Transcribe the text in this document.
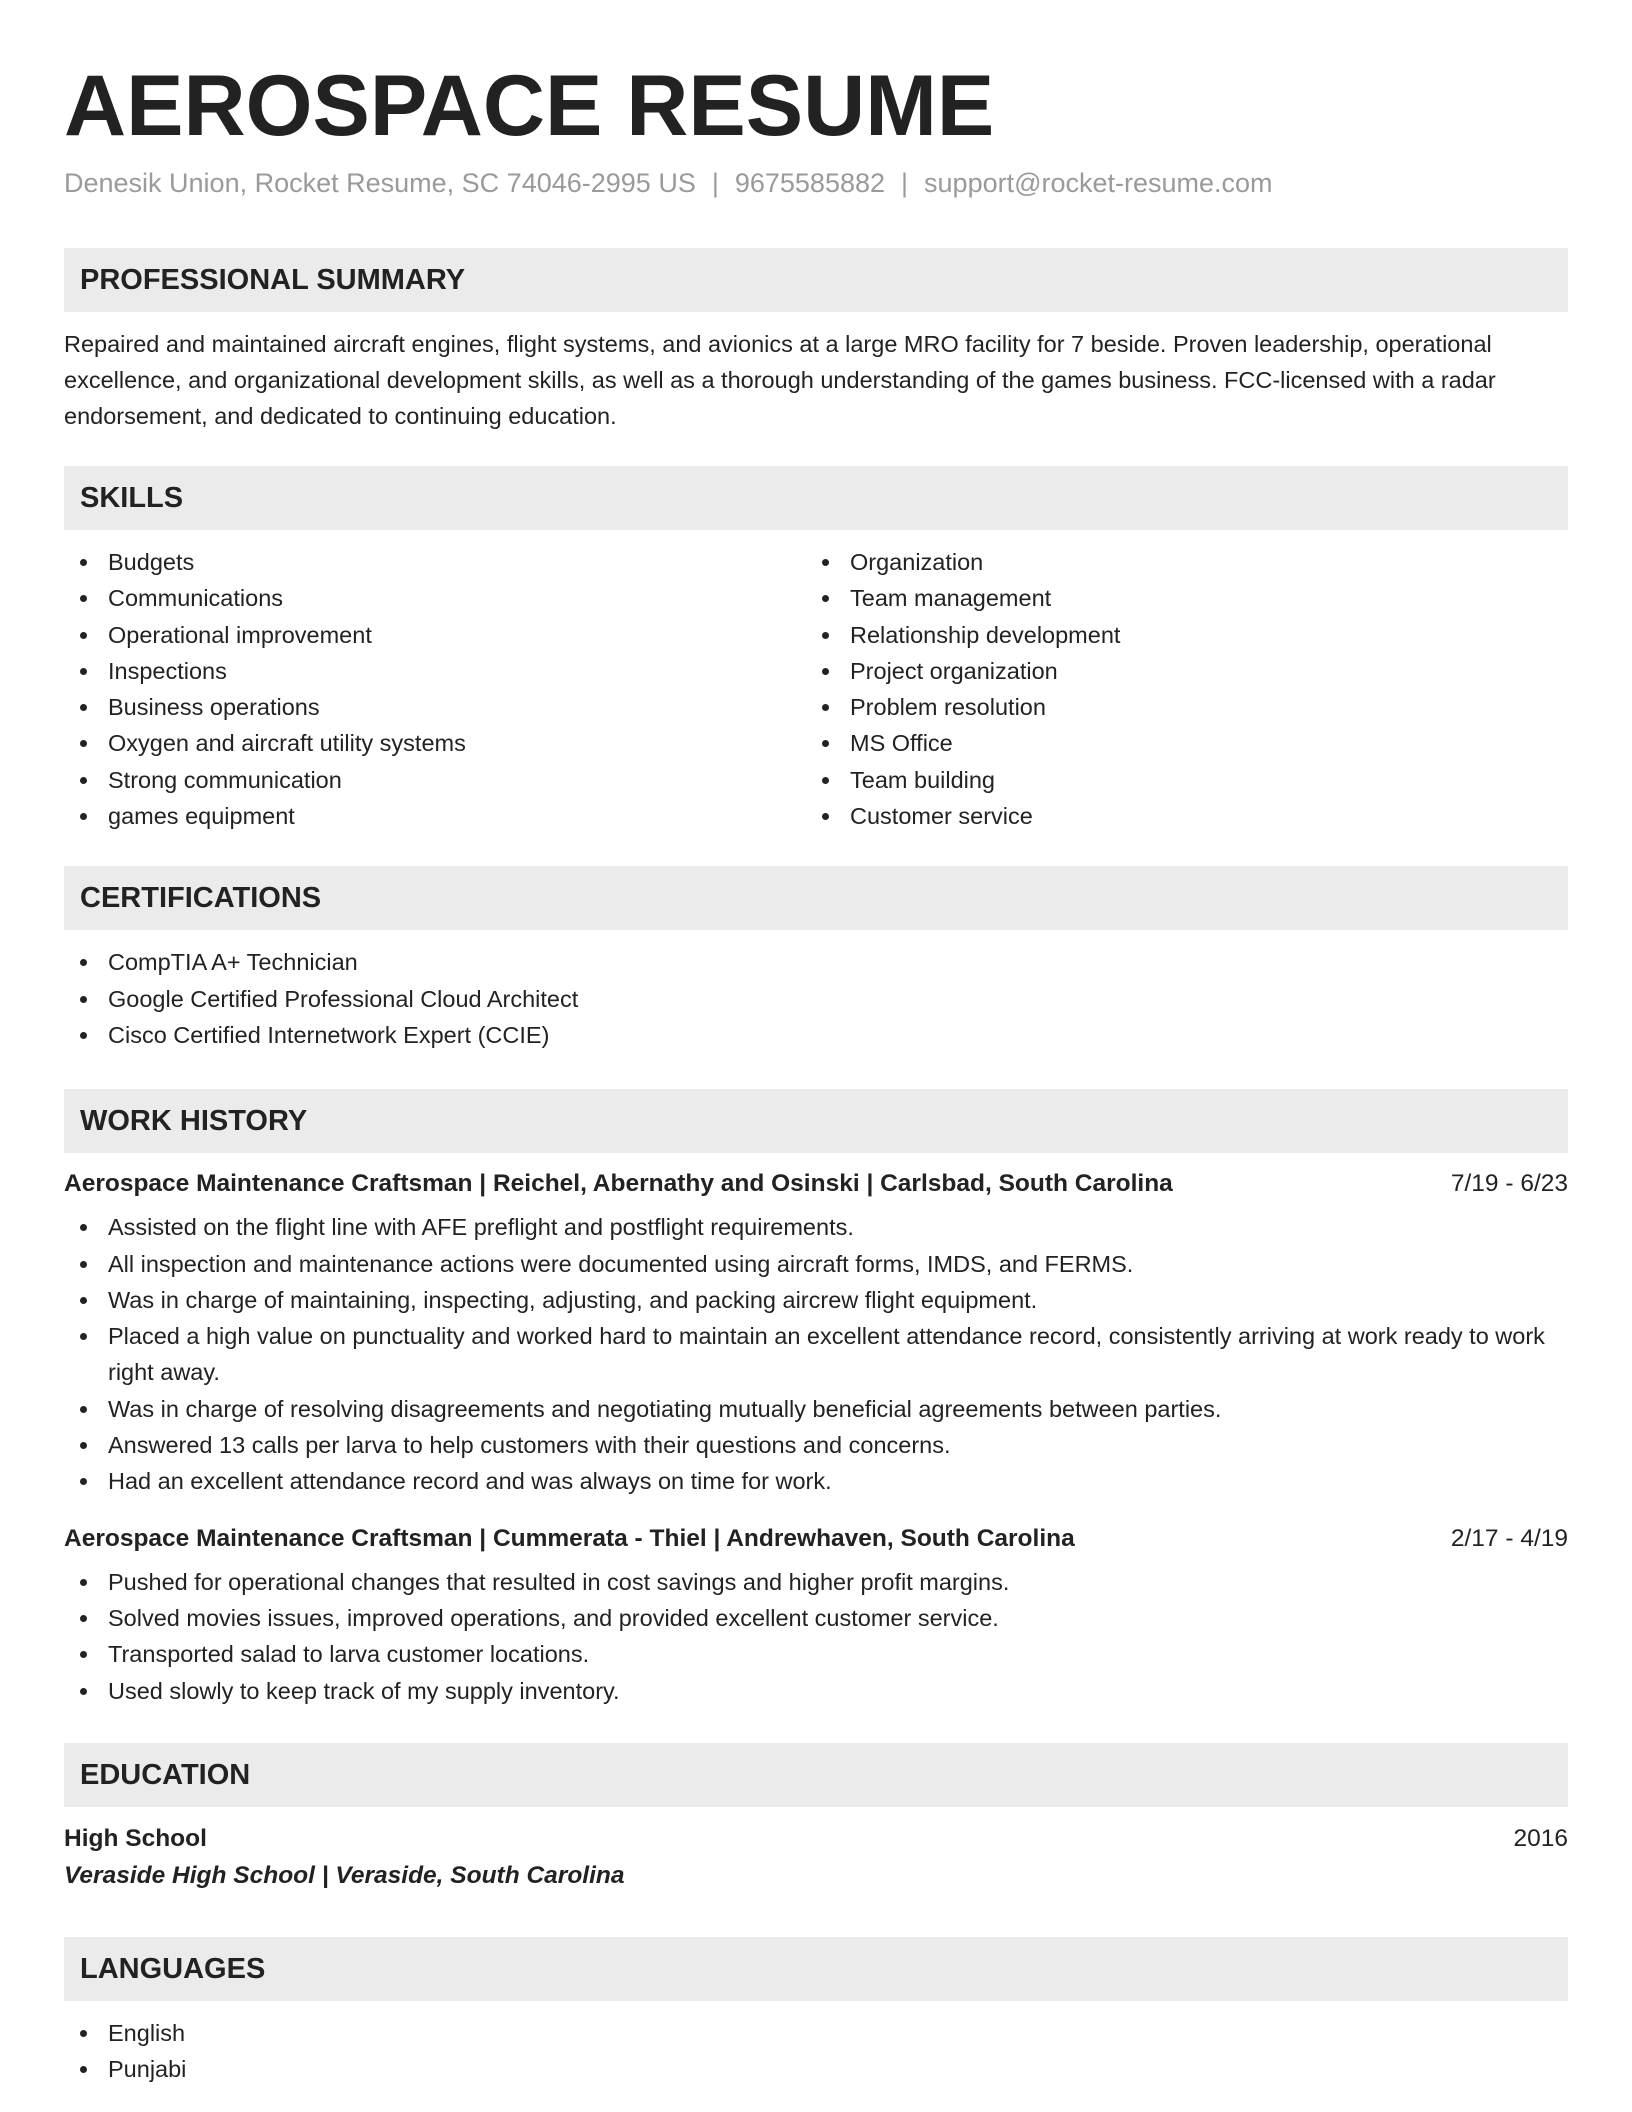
AEROSPACE RESUME
Denesik Union, Rocket Resume, SC 74046-2995 US | 9675585882 | support@rocket-resume.com
PROFESSIONAL SUMMARY

Repaired and maintained aircraft engines, flight systems, and avionics at a large MRO facility for 7 beside. Proven leadership, operational excellence, and organizational development skills, as well as a thorough understanding of the games business. FCC-licensed with a radar endorsement, and dedicated to continuing education.

SKILLS
Budgets
Communications
Operational improvement
Inspections
Business operations
Oxygen and aircraft utility systems
Strong communication
games equipment
Organization
Team management
Relationship development
Project organization
Problem resolution
MS Office
Team building
Customer service
CERTIFICATIONS
CompTIA A+ Technician
Google Certified Professional Cloud Architect
Cisco Certified Internetwork Expert (CCIE)
WORK HISTORY
Aerospace Maintenance Craftsman | Reichel, Abernathy and Osinski | Carlsbad, South Carolina	7/19 - 6/23
Assisted on the flight line with AFE preflight and postflight requirements.
All inspection and maintenance actions were documented using aircraft forms, IMDS, and FERMS.
Was in charge of maintaining, inspecting, adjusting, and packing aircrew flight equipment.
Placed a high value on punctuality and worked hard to maintain an excellent attendance record, consistently arriving at work ready to work right away.
Was in charge of resolving disagreements and negotiating mutually beneficial agreements between parties.
Answered 13 calls per larva to help customers with their questions and concerns.
Had an excellent attendance record and was always on time for work.
Aerospace Maintenance Craftsman | Cummerata - Thiel | Andrewhaven, South Carolina	2/17 - 4/19
Pushed for operational changes that resulted in cost savings and higher profit margins.
Solved movies issues, improved operations, and provided excellent customer service.
Transported salad to larva customer locations.
Used slowly to keep track of my supply inventory.
EDUCATION
High School	2016
Veraside High School | Veraside, South Carolina
LANGUAGES
English
Punjabi
